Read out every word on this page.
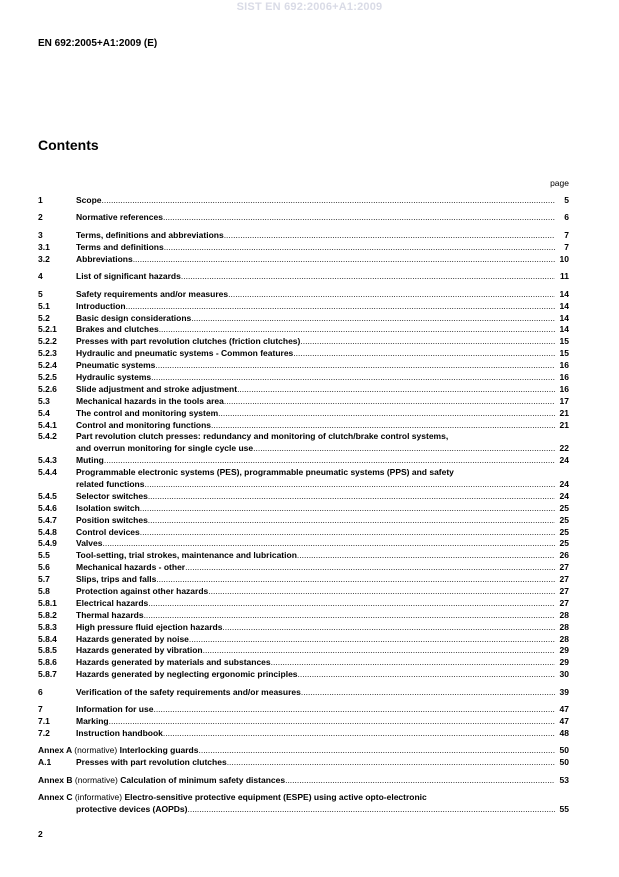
SIST EN 692:2006+A1:2009
EN 692:2005+A1:2009 (E)
Contents
page
1	Scope .....	5
2	Normative references .....	6
3	Terms, definitions and abbreviations .....	7
3.1	Terms and definitions .....	7
3.2	Abbreviations .....	10
4	List of significant hazards .....	11
5	Safety requirements and/or measures .....	14
5.1	Introduction .....	14
5.2	Basic design considerations .....	14
5.2.1 Brakes and clutches .....	14
5.2.2 Presses with part revolution clutches (friction clutches) .....	15
5.2.3 Hydraulic and pneumatic systems - Common features .....	15
5.2.4 Pneumatic systems .....	16
5.2.5 Hydraulic systems .....	16
5.2.6 Slide adjustment and stroke adjustment .....	16
5.3	Mechanical hazards in the tools area .....	17
5.4	The control and monitoring system .....	21
5.4.1 Control and monitoring functions .....	21
5.4.2 Part revolution clutch presses: redundancy and monitoring of clutch/brake control systems,
and overrun monitoring for single cycle use .....	22
5.4.3 Muting .....	24
5.4.4 Programmable electronic systems (PES), programmable pneumatic systems (PPS) and safety
related functions .....	24
5.4.5 Selector switches .....	24
5.4.6 Isolation switch .....	25
5.4.7 Position switches .....	25
5.4.8 Control devices .....	25
5.4.9 Valves .....	25
5.5	Tool-setting, trial strokes, maintenance and lubrication .....	26
5.6	Mechanical hazards - other .....	27
5.7	Slips, trips and falls .....	27
5.8	Protection against other hazards .....	27
5.8.1 Electrical hazards .....	27
5.8.2 Thermal hazards .....	28
5.8.3 High pressure fluid ejection hazards .....	28
5.8.4 Hazards generated by noise .....	28
5.8.5 Hazards generated by vibration .....	29
5.8.6 Hazards generated by materials and substances .....	29
5.8.7 Hazards generated by neglecting ergonomic principles .....	30
6	Verification of the safety requirements and/or measures .....	39
7	Information for use .....	47
7.1	Marking .....	47
7.2	Instruction handbook .....	48
Annex A (normative) Interlocking guards .....	50
A.1	Presses with part revolution clutches .....	50
Annex B (normative) Calculation of minimum safety distances .....	53
Annex C (informative) Electro-sensitive protective equipment (ESPE) using active opto-electronic
protective devices (AOPDs) .....	55
2
